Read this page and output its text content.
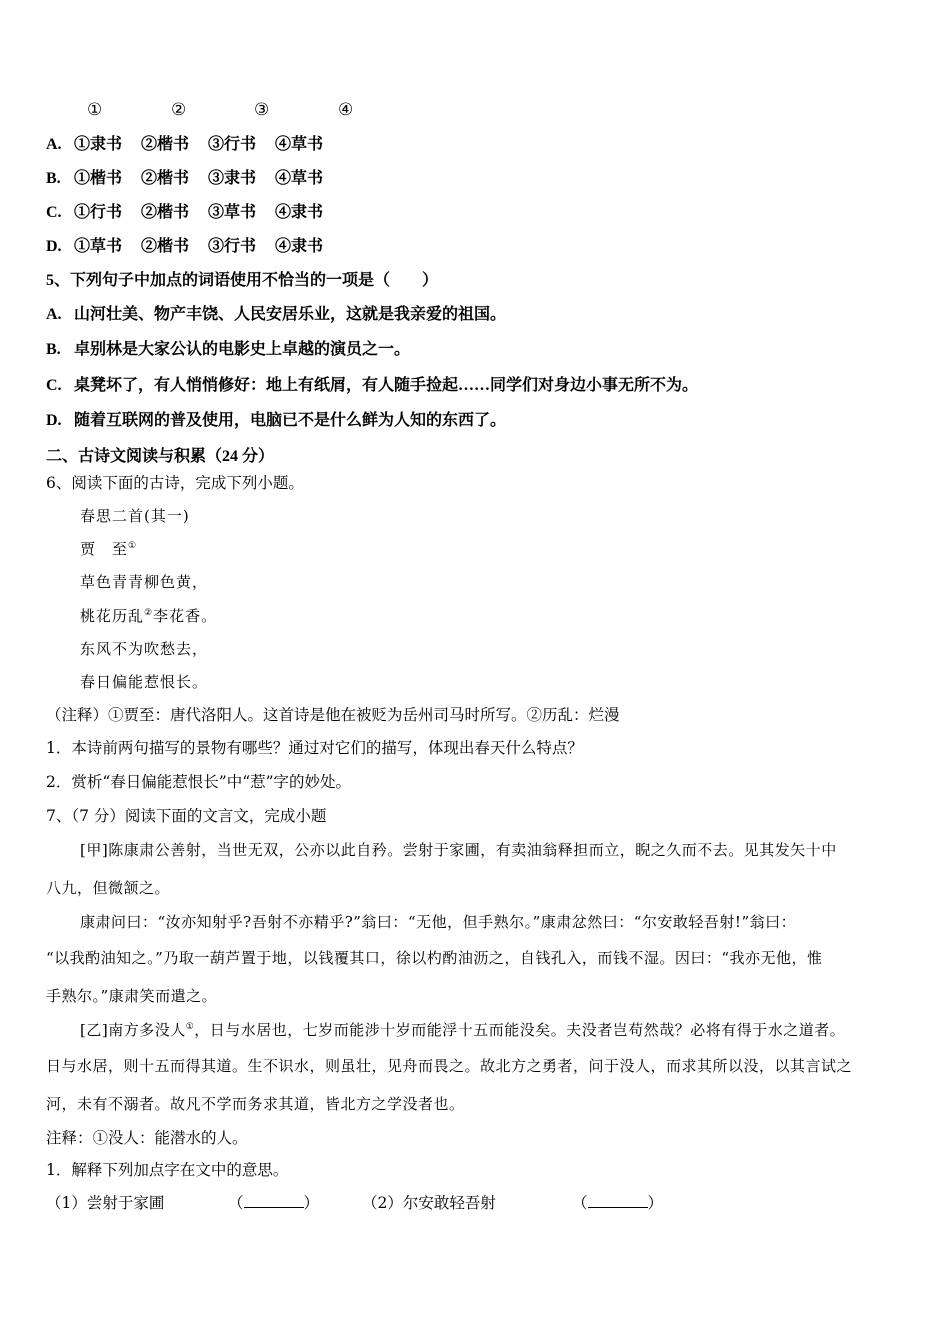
①	②	③	④
A. ①隶书 ②楷书 ③行书 ④草书
B. ①楷书 ②楷书 ③隶书 ④草书
C. ①行书 ②楷书 ③草书 ④隶书
D. ①草书 ②楷书 ③行书 ④隶书
5、下列句子中加点的词语使用不恰当的一项是（　　）
A. 山河壮美、物产丰饶、人民安居乐业，这就是我亲爱的祖国。
B. 卓别林是大家公认的电影史上卓越的演员之一。
C. 桌凳坏了，有人悄悄修好：地上有纸屑，有人随手捡起……同学们对身边小事无所不为。
D. 随着互联网的普及使用，电脑已不是什么鲜为人知的东西了。
二、古诗文阅读与积累（24 分）
6、阅读下面的古诗，完成下列小题。
春思二首(其一)
贾　至①
草色青青柳色黄，
桃花历乱②李花香。
东风不为吹愁去，
春日偏能惹恨长。
（注释）①贾至：唐代洛阳人。这首诗是他在被贬为岳州司马时所写。②历乱：烂漫
1．本诗前两句描写的景物有哪些？通过对它们的描写，体现出春天什么特点？
2．赏析“春日偏能惹恨长”中“惹”字的妙处。
7、（7 分）阅读下面的文言文，完成小题
[甲]陈康肃公善射，当世无双，公亦以此自矜。尝射于家圃，有卖油翁释担而立，睨之久而不去。见其发矢十中
八九，但微颔之。
康肃问曰：“汝亦知射乎?吾射不亦精乎?”翁曰：“无他，但手熟尔。”康肃忿然曰：“尔安敢轻吾射!”翁曰：
“以我酌油知之。”乃取一葫芦置于地，以钱覆其口，徐以杓酌油沥之，自钱孔入，而钱不湿。因曰：“我亦无他，惟
手熟尔。”康肃笑而遣之。
[乙]南方多没人①，日与水居也，七岁而能涉十岁而能浮十五而能没矣。夫没者岂苟然哉？必将有得于水之道者。
日与水居，则十五而得其道。生不识水，则虽壮，见舟而畏之。故北方之勇者，问于没人，而求其所以没，以其言试之
河，未有不溺者。故凡不学而务求其道，皆北方之学没者也。
注释：①没人：能潜水的人。
1．解释下列加点字在文中的意思。
（1）尝射于家圃	（	）	（2）尔安敢轻吾射	（	）
